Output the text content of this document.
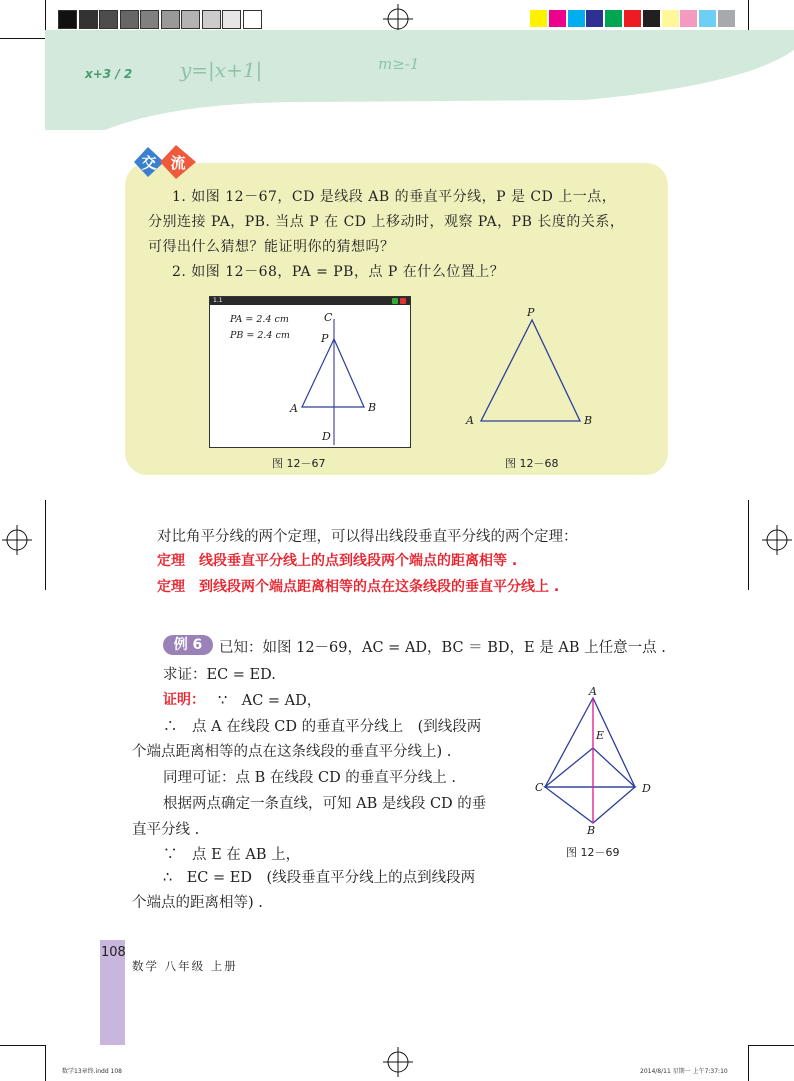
x+3 / 2 y=|x+1|	m≥-1
交 流
1. 如图 12－67，CD 是线段 AB 的垂直平分线，P 是 CD 上一点，
分别连接 PA，PB. 当点 P 在 CD 上移动时，观察 PA，PB 长度的关系，
可得出什么猜想？能证明你的猜想吗？
2. 如图 12－68，PA = PB，点 P 在什么位置上？
1.1
PA = 2.4 cm
PB = 2.4 cm
C
P
A	B
D
图 12－67
P
A	B
图 12－68
对比角平分线的两个定理，可以得出线段垂直平分线的两个定理：
定理　线段垂直平分线上的点到线段两个端点的距离相等 .
定理　到线段两个端点距离相等的点在这条线段的垂直平分线上 .
例 6	已知：如图 12－69，AC = AD，BC ＝ BD，E 是 AB 上任意一点 .
求证：EC = ED.
证明： ∵　AC = AD，
∴　点 A 在线段 CD 的垂直平分线上　(到线段两
个端点距离相等的点在这条线段的垂直平分线上) .
同理可证：点 B 在线段 CD 的垂直平分线上 .
根据两点确定一条直线，可知 AB 是线段 CD 的垂
直平分线 .
∵　点 E 在 AB 上，
∴　EC = ED　(线段垂直平分线上的点到线段两
个端点的距离相等) .
A
E
C	D
B
图 12－69
108
数学 八年级 上册
数学13章终.indd 108	2014/8/11 星期一 上午7:37:10
